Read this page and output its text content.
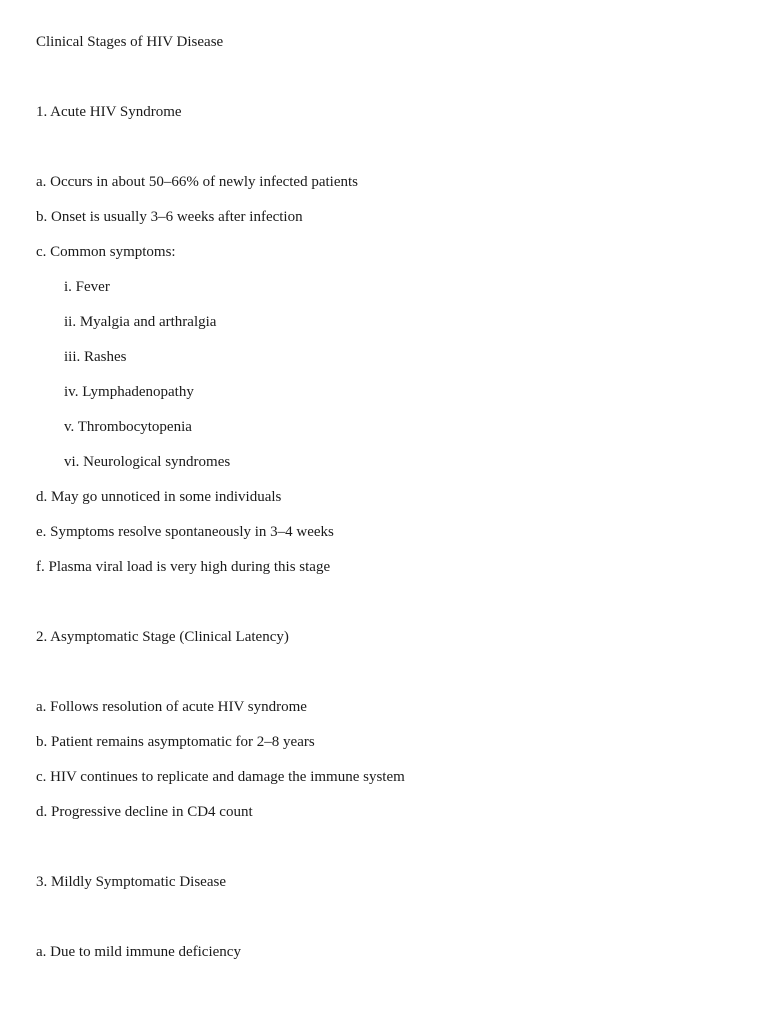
Clinical Stages of HIV Disease
1. Acute HIV Syndrome
a. Occurs in about 50–66% of newly infected patients
b. Onset is usually 3–6 weeks after infection
c. Common symptoms:
i. Fever
ii. Myalgia and arthralgia
iii. Rashes
iv. Lymphadenopathy
v. Thrombocytopenia
vi. Neurological syndromes
d. May go unnoticed in some individuals
e. Symptoms resolve spontaneously in 3–4 weeks
f. Plasma viral load is very high during this stage
2. Asymptomatic Stage (Clinical Latency)
a. Follows resolution of acute HIV syndrome
b. Patient remains asymptomatic for 2–8 years
c. HIV continues to replicate and damage the immune system
d. Progressive decline in CD4 count
3. Mildly Symptomatic Disease
a. Due to mild immune deficiency
